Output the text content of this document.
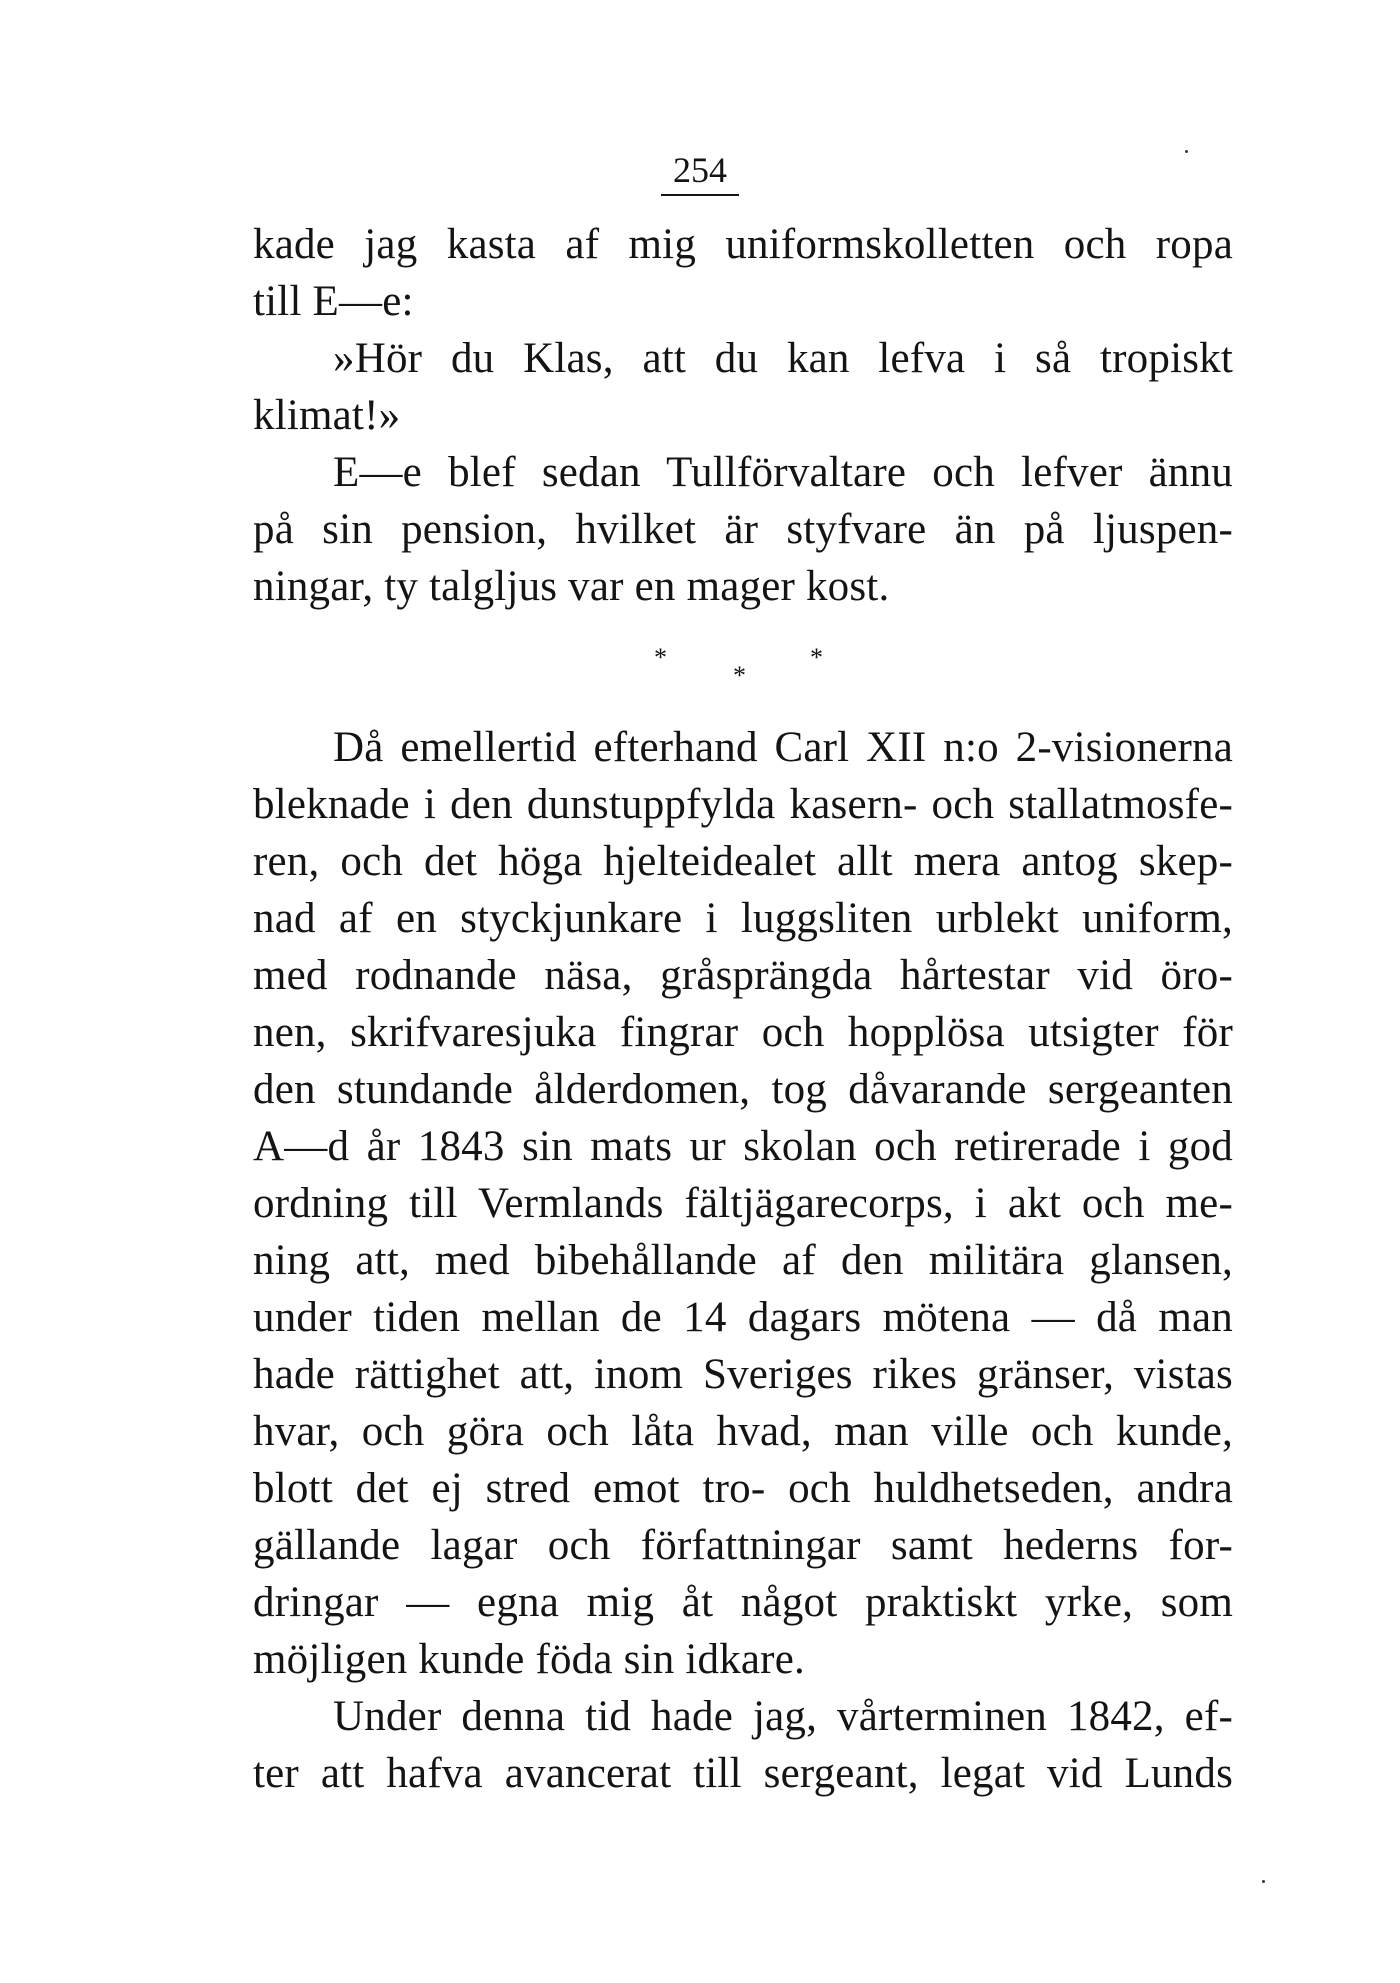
254
kade jag kasta af mig uniformskolletten och ropa
till E—e:
»Hör du Klas, att du kan lefva i så tropiskt
klimat!»
E—e blef sedan Tullförvaltare och lefver ännu
på sin pension, hvilket är styfvare än på ljuspen-
ningar, ty talgljus var en mager kost.
*
*
*
Då emellertid efterhand Carl XII n:o 2-visionerna
bleknade i den dunstuppfylda kasern- och stallatmosfe-
ren, och det höga hjelteidealet allt mera antog skep-
nad af en styckjunkare i luggsliten urblekt uniform,
med rodnande näsa, gråsprängda hårtestar vid öro-
nen, skrifvaresjuka fingrar och hopplösa utsigter för
den stundande ålderdomen, tog dåvarande sergeanten
A—d år 1843 sin mats ur skolan och retirerade i god
ordning till Vermlands fältjägarecorps, i akt och me-
ning att, med bibehållande af den militära glansen,
under tiden mellan de 14 dagars mötena — då man
hade rättighet att, inom Sveriges rikes gränser, vistas
hvar, och göra och låta hvad, man ville och kunde,
blott det ej stred emot tro- och huldhetseden, andra
gällande lagar och författningar samt hederns for-
dringar — egna mig åt något praktiskt yrke, som
möjligen kunde föda sin idkare.
Under denna tid hade jag, vårterminen 1842, ef-
ter att hafva avancerat till sergeant, legat vid Lunds
